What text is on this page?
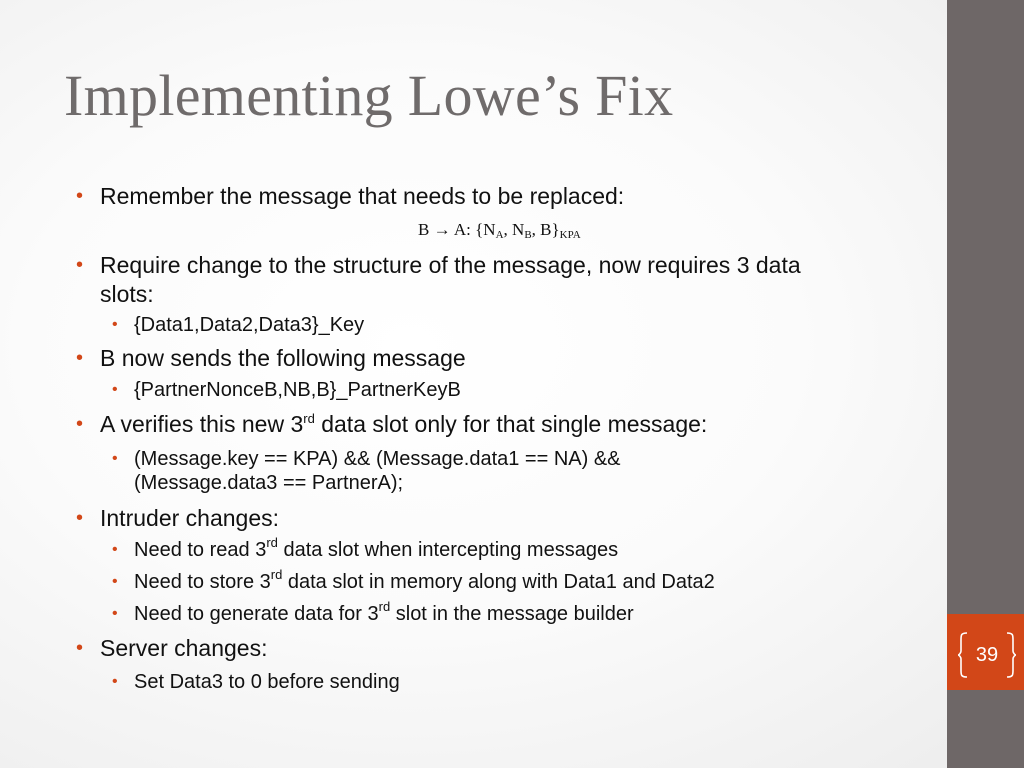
39
Implementing Lowe’s Fix
• Remember the message that needs to be replaced:
• Require change to the structure of the message, now requires 3 data
slots:
• {Data1,Data2,Data3}_Key
• B now sends the following message
• {PartnerNonceB,NB,B}_PartnerKeyB
• A verifies this new 3rd data slot only for that single message:
• (Message.key == KPA) && (Message.data1 == NA) &&
(Message.data3 == PartnerA);
• Intruder changes:
• Need to read 3rd data slot when intercepting messages
• Need to store 3rd data slot in memory along with Data1 and Data2
• Need to generate data for 3rd slot in the message builder
• Server changes:
• Set Data3 to 0 before sending
B → A: {$N_A$, $N_B$, $B\}_{KPA}$
